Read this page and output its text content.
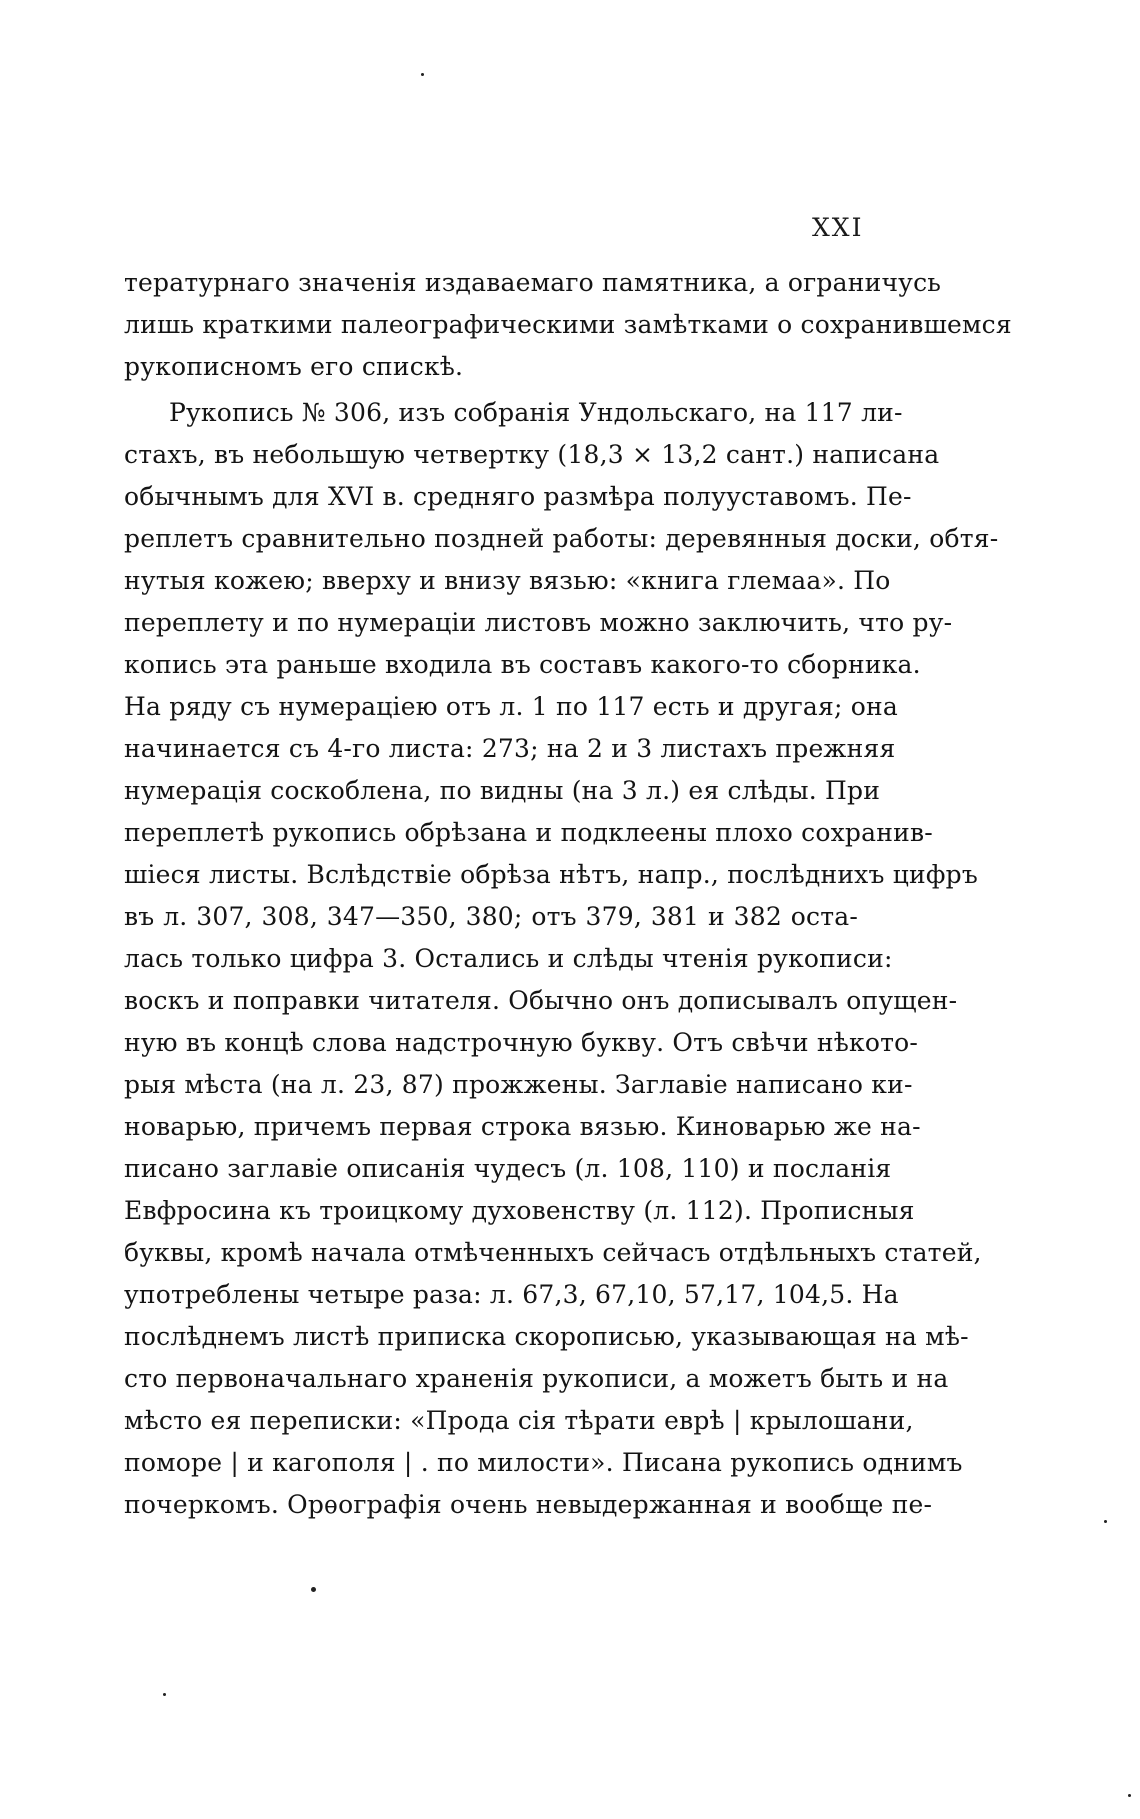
XXI
тературнаго значенія издаваемаго памятника, а ограничусь
лишь краткими палеографическими замѣтками о сохранившемся
рукописномъ его спискѣ.
Рукопись № 306, изъ собранія Ундольскаго, на 117 ли-
стахъ, въ небольшую четвертку (18,3 × 13,2 сант.) написана
обычнымъ для XVI в. средняго размѣра полууставомъ. Пе-
реплетъ сравнительно поздней работы: деревянныя доски, обтя-
нутыя кожею; вверху и внизу вязью: «книга глемаа». По
переплету и по нумераціи листовъ можно заключить, что ру-
копись эта раньше входила въ составъ какого-то сборника.
На ряду съ нумераціею отъ л. 1 по 117 есть и другая; она
начинается съ 4-го листа: 273; на 2 и 3 листахъ прежняя
нумерація соскоблена, по видны (на 3 л.) ея слѣды. При
переплетѣ рукопись обрѣзана и подклеены плохо сохранив-
шіеся листы. Вслѣдствіе обрѣза нѣтъ, напр., послѣднихъ цифръ
въ л. 307, 308, 347—350, 380; отъ 379, 381 и 382 оста-
лась только цифра 3. Остались и слѣды чтенія рукописи:
воскъ и поправки читателя. Обычно онъ дописывалъ опущен-
ную въ концѣ слова надстрочную букву. Отъ свѣчи нѣкото-
рыя мѣста (на л. 23, 87) прожжены. Заглавіе написано ки-
новарью, причемъ первая строка вязью. Киноварью же на-
писано заглавіе описанія чудесъ (л. 108, 110) и посланія
Евфросина къ троицкому духовенству (л. 112). Прописныя
буквы, кромѣ начала отмѣченныхъ сейчасъ отдѣльныхъ статей,
употреблены четыре раза: л. 67,3, 67,10, 57,17, 104,5. На
послѣднемъ листѣ приписка скорописью, указывающая на мѣ-
сто первоначальнаго храненія рукописи, а можетъ быть и на
мѣсто ея переписки: «Прода сія тѣрати еврѣ | крылошани,
поморе | и кагополя | . по милости». Писана рукопись однимъ
почеркомъ. Орѳографія очень невыдержанная и вообще пе-
